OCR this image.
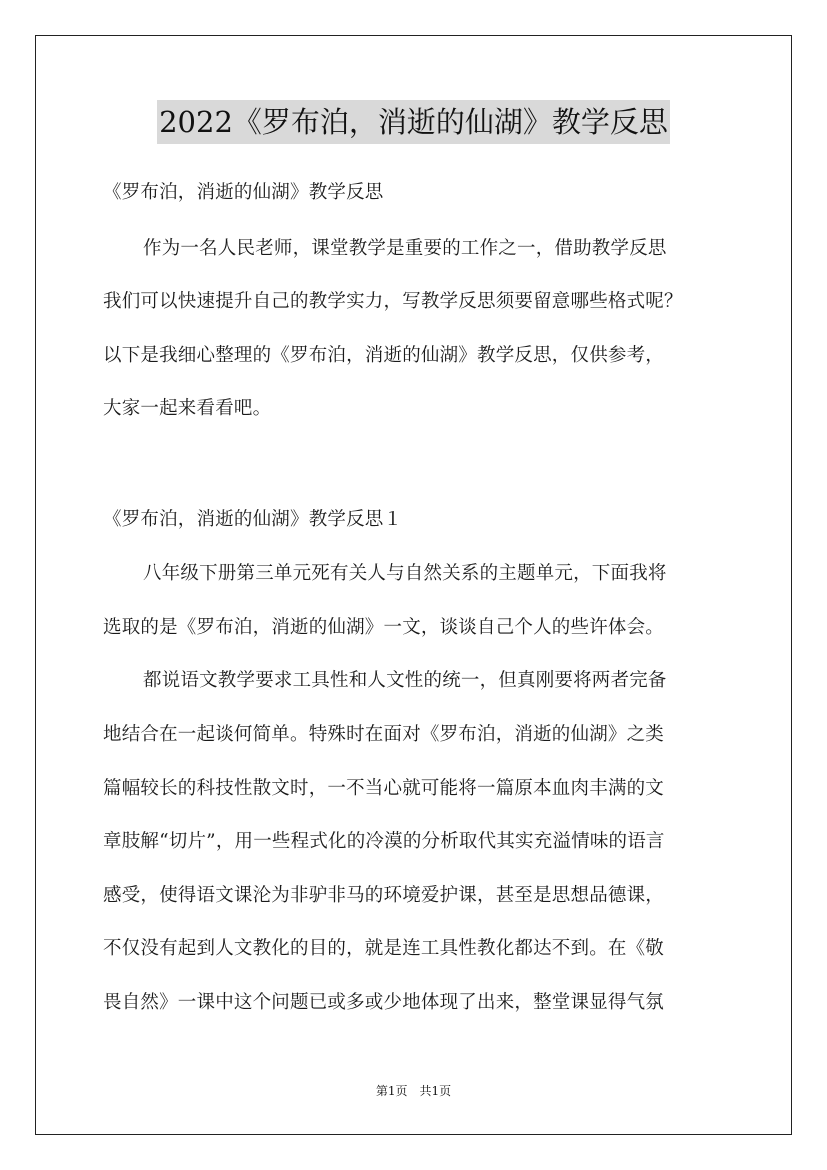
2022《罗布泊，消逝的仙湖》教学反思
《罗布泊，消逝的仙湖》教学反思
作为一名人民老师，课堂教学是重要的工作之一，借助教学反思
我们可以快速提升自己的教学实力，写教学反思须要留意哪些格式呢？
以下是我细心整理的《罗布泊，消逝的仙湖》教学反思，仅供参考，
大家一起来看看吧。
《罗布泊，消逝的仙湖》教学反思１
八年级下册第三单元死有关人与自然关系的主题单元，下面我将
选取的是《罗布泊，消逝的仙湖》一文，谈谈自己个人的些许体会。
都说语文教学要求工具性和人文性的统一，但真刚要将两者完备
地结合在一起谈何简单。特殊时在面对《罗布泊，消逝的仙湖》之类
篇幅较长的科技性散文时，一不当心就可能将一篇原本血肉丰满的文
章肢解“切片”，用一些程式化的冷漠的分析取代其实充溢情味的语言
感受，使得语文课沦为非驴非马的环境爱护课，甚至是思想品德课，
不仅没有起到人文教化的目的，就是连工具性教化都达不到。在《敬
畏自然》一课中这个问题已或多或少地体现了出来，整堂课显得气氛
第1页　共1页
